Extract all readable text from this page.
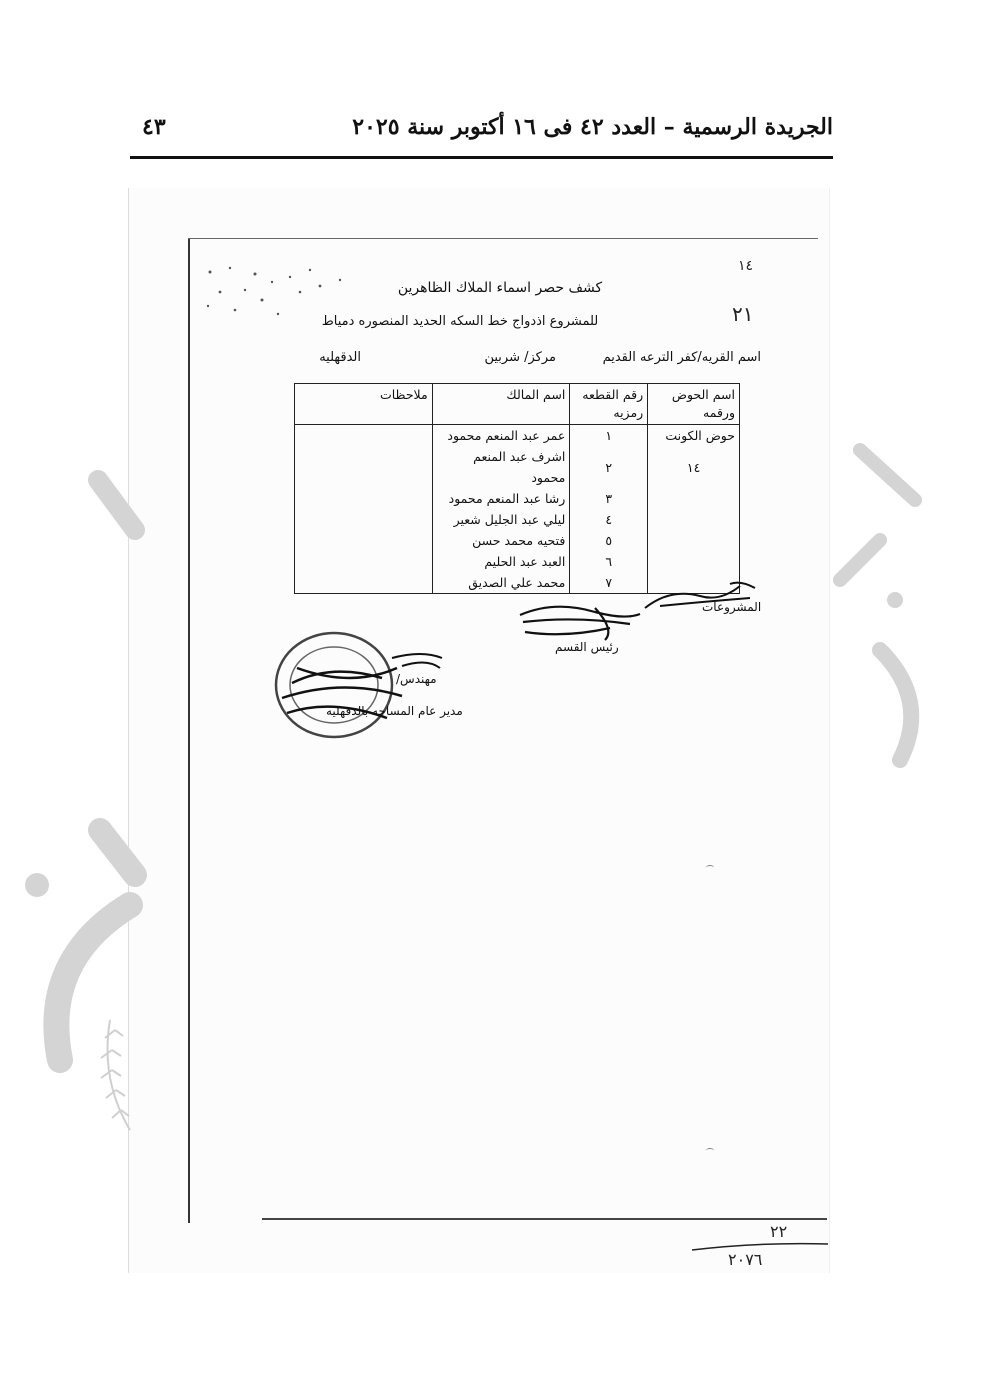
الجريدة الرسمية – العدد ٤٢ فى ١٦ أكتوبر سنة ٢٠٢٥
٤٣
١٤
٢١
كشف حصر اسماء الملاك الظاهرين
للمشروع اذدواج خط السكه الحديد المنصوره دمياط
اسم القريه/كفر الترعه القديم
مركز/ شربين
الدقهليه
اسم الحوض ورقمه	رقم القطعه رمزيه	اسم المالك	ملاحظات
حوض الكونت	١	عمر عبد المنعم محمود	
١٤	٢	اشرف عبد المنعم محمود	
	٣	رشا عبد المنعم محمود	
	٤	ليلي عبد الجليل شعير	
	٥	فتحيه محمد حسن	
	٦	العبد عبد الحليم	
	٧	محمد علي الصديق	
المشروعات
رئيس القسم
مهندس/
مدير عام المساحه بالدقهليه
٢٢
٢٠٧٦
